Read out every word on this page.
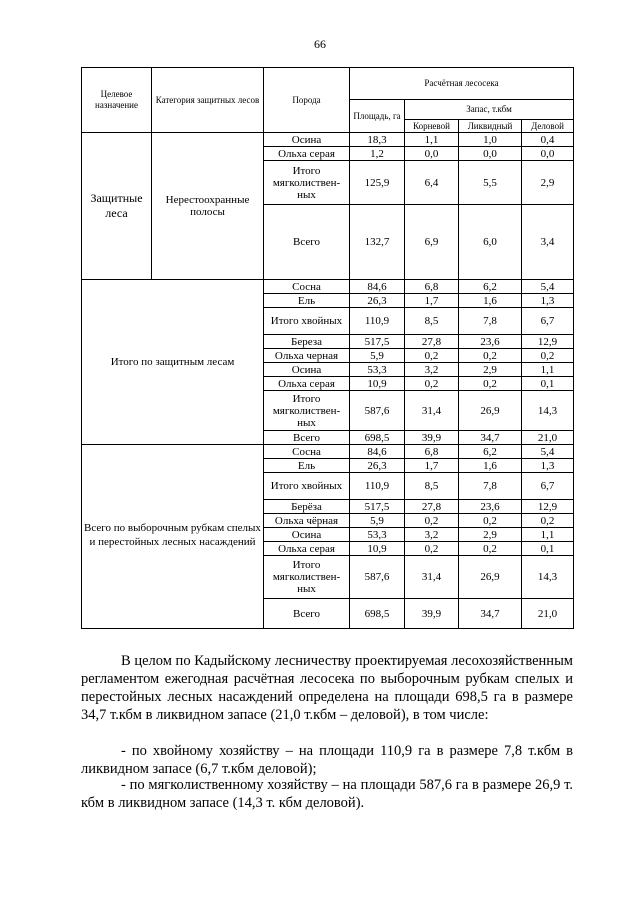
66
Целевое назначение	Категория защитных лесов	Порода	Расчётная лесосека			
			Площадь, га	Запас, т.кбм		
				Корневой	Ликвидный	Деловой
Защитные леса	Нерестоохранные полосы	Осина	18,3	1,1	1,0	0,4
		Ольха серая	1,2	0,0	0,0	0,0
		Итого мягколиствен-ных	125,9	6,4	5,5	2,9
		Всего	132,7	6,9	6,0	3,4
Итого по защитным лесам		Сосна	84,6	6,8	6,2	5,4
		Ель	26,3	1,7	1,6	1,3
		Итого хвойных	110,9	8,5	7,8	6,7
		Береза	517,5	27,8	23,6	12,9
		Ольха черная	5,9	0,2	0,2	0,2
		Осина	53,3	3,2	2,9	1,1
		Ольха серая	10,9	0,2	0,2	0,1
		Итого мягколиствен-ных	587,6	31,4	26,9	14,3
		Всего	698,5	39,9	34,7	21,0
Всего по выборочным рубкам спелых и перестойных лесных насаждений		Сосна	84,6	6,8	6,2	5,4
		Ель	26,3	1,7	1,6	1,3
		Итого хвойных	110,9	8,5	7,8	6,7
		Берёза	517,5	27,8	23,6	12,9
		Ольха чёрная	5,9	0,2	0,2	0,2
		Осина	53,3	3,2	2,9	1,1
		Ольха серая	10,9	0,2	0,2	0,1
		Итого мягколиствен-ных	587,6	31,4	26,9	14,3
		Всего	698,5	39,9	34,7	21,0
В целом по Кадыйскому лесничеству проектируемая лесохозяйственным регламентом ежегодная расчётная лесосека по выборочным рубкам спелых и перестойных лесных насаждений определена на площади 698,5 га в размере 34,7 т.кбм в ликвидном запасе (21,0 т.кбм – деловой), в том числе:
- по хвойному хозяйству – на площади 110,9 га в размере 7,8 т.кбм в ликвидном запасе (6,7 т.кбм деловой);
- по мягколиственному хозяйству – на площади 587,6 га в размере 26,9 т. кбм в ликвидном запасе (14,3 т. кбм деловой).
